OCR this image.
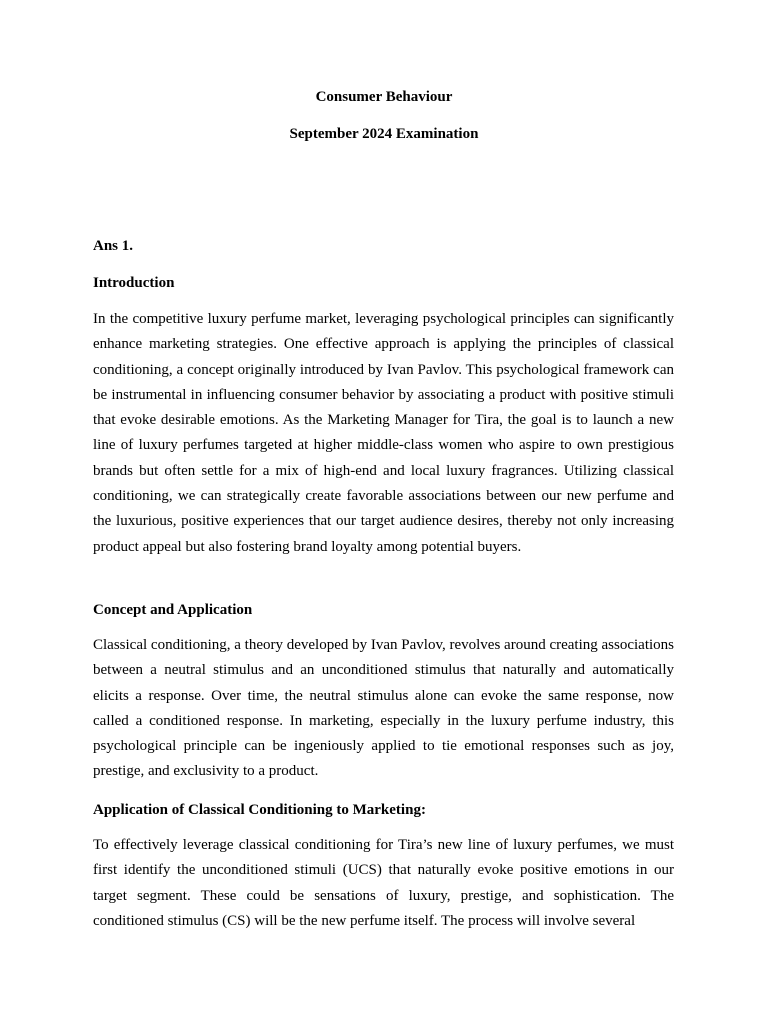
Consumer Behaviour

September 2024 Examination

Ans 1.

Introduction

In the competitive luxury perfume market, leveraging psychological principles can significantly enhance marketing strategies. One effective approach is applying the principles of classical conditioning, a concept originally introduced by Ivan Pavlov. This psychological framework can be instrumental in influencing consumer behavior by associating a product with positive stimuli that evoke desirable emotions. As the Marketing Manager for Tira, the goal is to launch a new line of luxury perfumes targeted at higher middle-class women who aspire to own prestigious brands but often settle for a mix of high-end and local luxury fragrances. Utilizing classical conditioning, we can strategically create favorable associations between our new perfume and the luxurious, positive experiences that our target audience desires, thereby not only increasing product appeal but also fostering brand loyalty among potential buyers.

Concept and Application

Classical conditioning, a theory developed by Ivan Pavlov, revolves around creating associations between a neutral stimulus and an unconditioned stimulus that naturally and automatically elicits a response. Over time, the neutral stimulus alone can evoke the same response, now called a conditioned response. In marketing, especially in the luxury perfume industry, this psychological principle can be ingeniously applied to tie emotional responses such as joy, prestige, and exclusivity to a product.

Application of Classical Conditioning to Marketing:

To effectively leverage classical conditioning for Tira’s new line of luxury perfumes, we must first identify the unconditioned stimuli (UCS) that naturally evoke positive emotions in our target segment. These could be sensations of luxury, prestige, and sophistication. The conditioned stimulus (CS) will be the new perfume itself. The process will involve several
